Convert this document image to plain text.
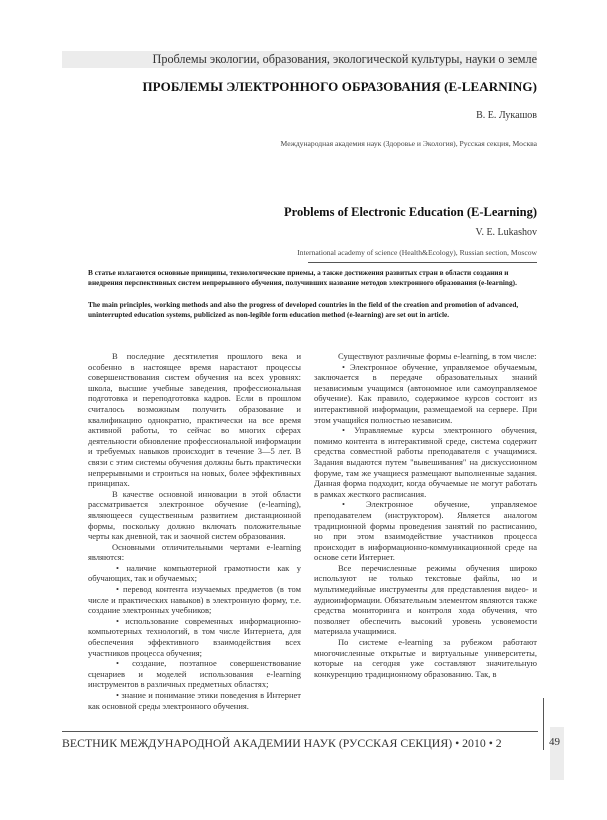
Проблемы экологии, образования, экологической культуры, науки о земле
ПРОБЛЕМЫ ЭЛЕКТРОННОГО ОБРАЗОВАНИЯ (E-LEARNING)
В. Е. Лукашов
Международная академия наук (Здоровье и Экология), Русская секция, Москва
Problems of Electronic Education (E-Learning)
V. E. Lukashov
International academy of science (Health&Ecology), Russian section, Moscow
В статье излагаются основные принципы, технологические приемы, а также достижения развитых стран в области создания и внедрения перспективных систем непрерывного обучения, получивших название методов электронного образования (e-learning).
The main principles, working methods and also the progress of developed countries in the field of the creation and promotion of advanced, uninterrupted education systems, publicized as non-legible form education method (e-learning) are set out in article.

В последние десятилетия прошлого века и особенно в настоящее время нарастают процессы совершенствования систем обучения на всех уровнях: школа, высшие учебные заведения, профессиональная подготовка и переподготовка кадров. Если в прошлом считалось возможным получить образование и квалификацию однократно, практически на все время активной работы, то сейчас во многих сферах деятельности обновление профессиональной информации и требуемых навыков происходит в течение 3—5 лет. В связи с этим системы обучения должны быть практически непрерывными и строиться на новых, более эффективных принципах.

В качестве основной инновации в этой области рассматривается электронное обучение (e-learning), являющееся существенным развитием дистанционной формы, поскольку должно включать положительные черты как дневной, так и заочной систем образования.

Основными отличительными чертами e-learning являются:

• наличие компьютерной грамотности как у обучающих, так и обучаемых;

• перевод контента изучаемых предметов (в том числе и практических навыков) в электронную форму, т.е. создание электронных учебников;

• использование современных информационно-компьютерных технологий, в том числе Интернета, для обеспечения эффективного взаимодействия всех участников процесса обучения;

• создание, поэтапное совершенствование сценариев и моделей использования e-learning инструментов в различных предметных областях;

• знание и понимание этики поведения в Интернет как основной среды электронного обучения.

Существуют различные формы e-learning, в том числе:

• Электронное обучение, управляемое обучаемым, заключается в передаче образовательных знаний независимым учащимся (автономное или самоуправляемое обучение). Как правило, содержимое курсов состоит из интерактивной информации, размещаемой на сервере. При этом учащийся полностью независим.

• Управляемые курсы электронного обучения, помимо контента в интерактивной среде, система содержит средства совместной работы преподавателя с учащимися. Задания выдаются путем "вывешивания" на дискуссионном форуме, там же учащиеся размещают выполненные задания. Данная форма подходит, когда обучаемые не могут работать в рамках жесткого расписания.

• Электронное обучение, управляемое преподавателем (инструктором). Является аналогом традиционной формы проведения занятий по расписанию, но при этом взаимодействие участников процесса происходит в информационно-коммуникационной среде на основе сети Интернет.

Все перечисленные режимы обучения широко используют не только текстовые файлы, но и мультимедийные инструменты для представления видео- и аудиоинформации. Обязательным элементом являются также средства мониторинга и контроля хода обучения, что позволяет обеспечить высокий уровень усвояемости материала учащимися.

По системе e-learning за рубежом работают многочисленные открытые и виртуальные университеты, которые на сегодня уже составляют значительную конкуренцию традиционному образованию. Так, в

ВЕСТНИК МЕЖДУНАРОДНОЙ АКАДЕМИИ НАУК (РУССКАЯ СЕКЦИЯ) • 2010 • 2	49
